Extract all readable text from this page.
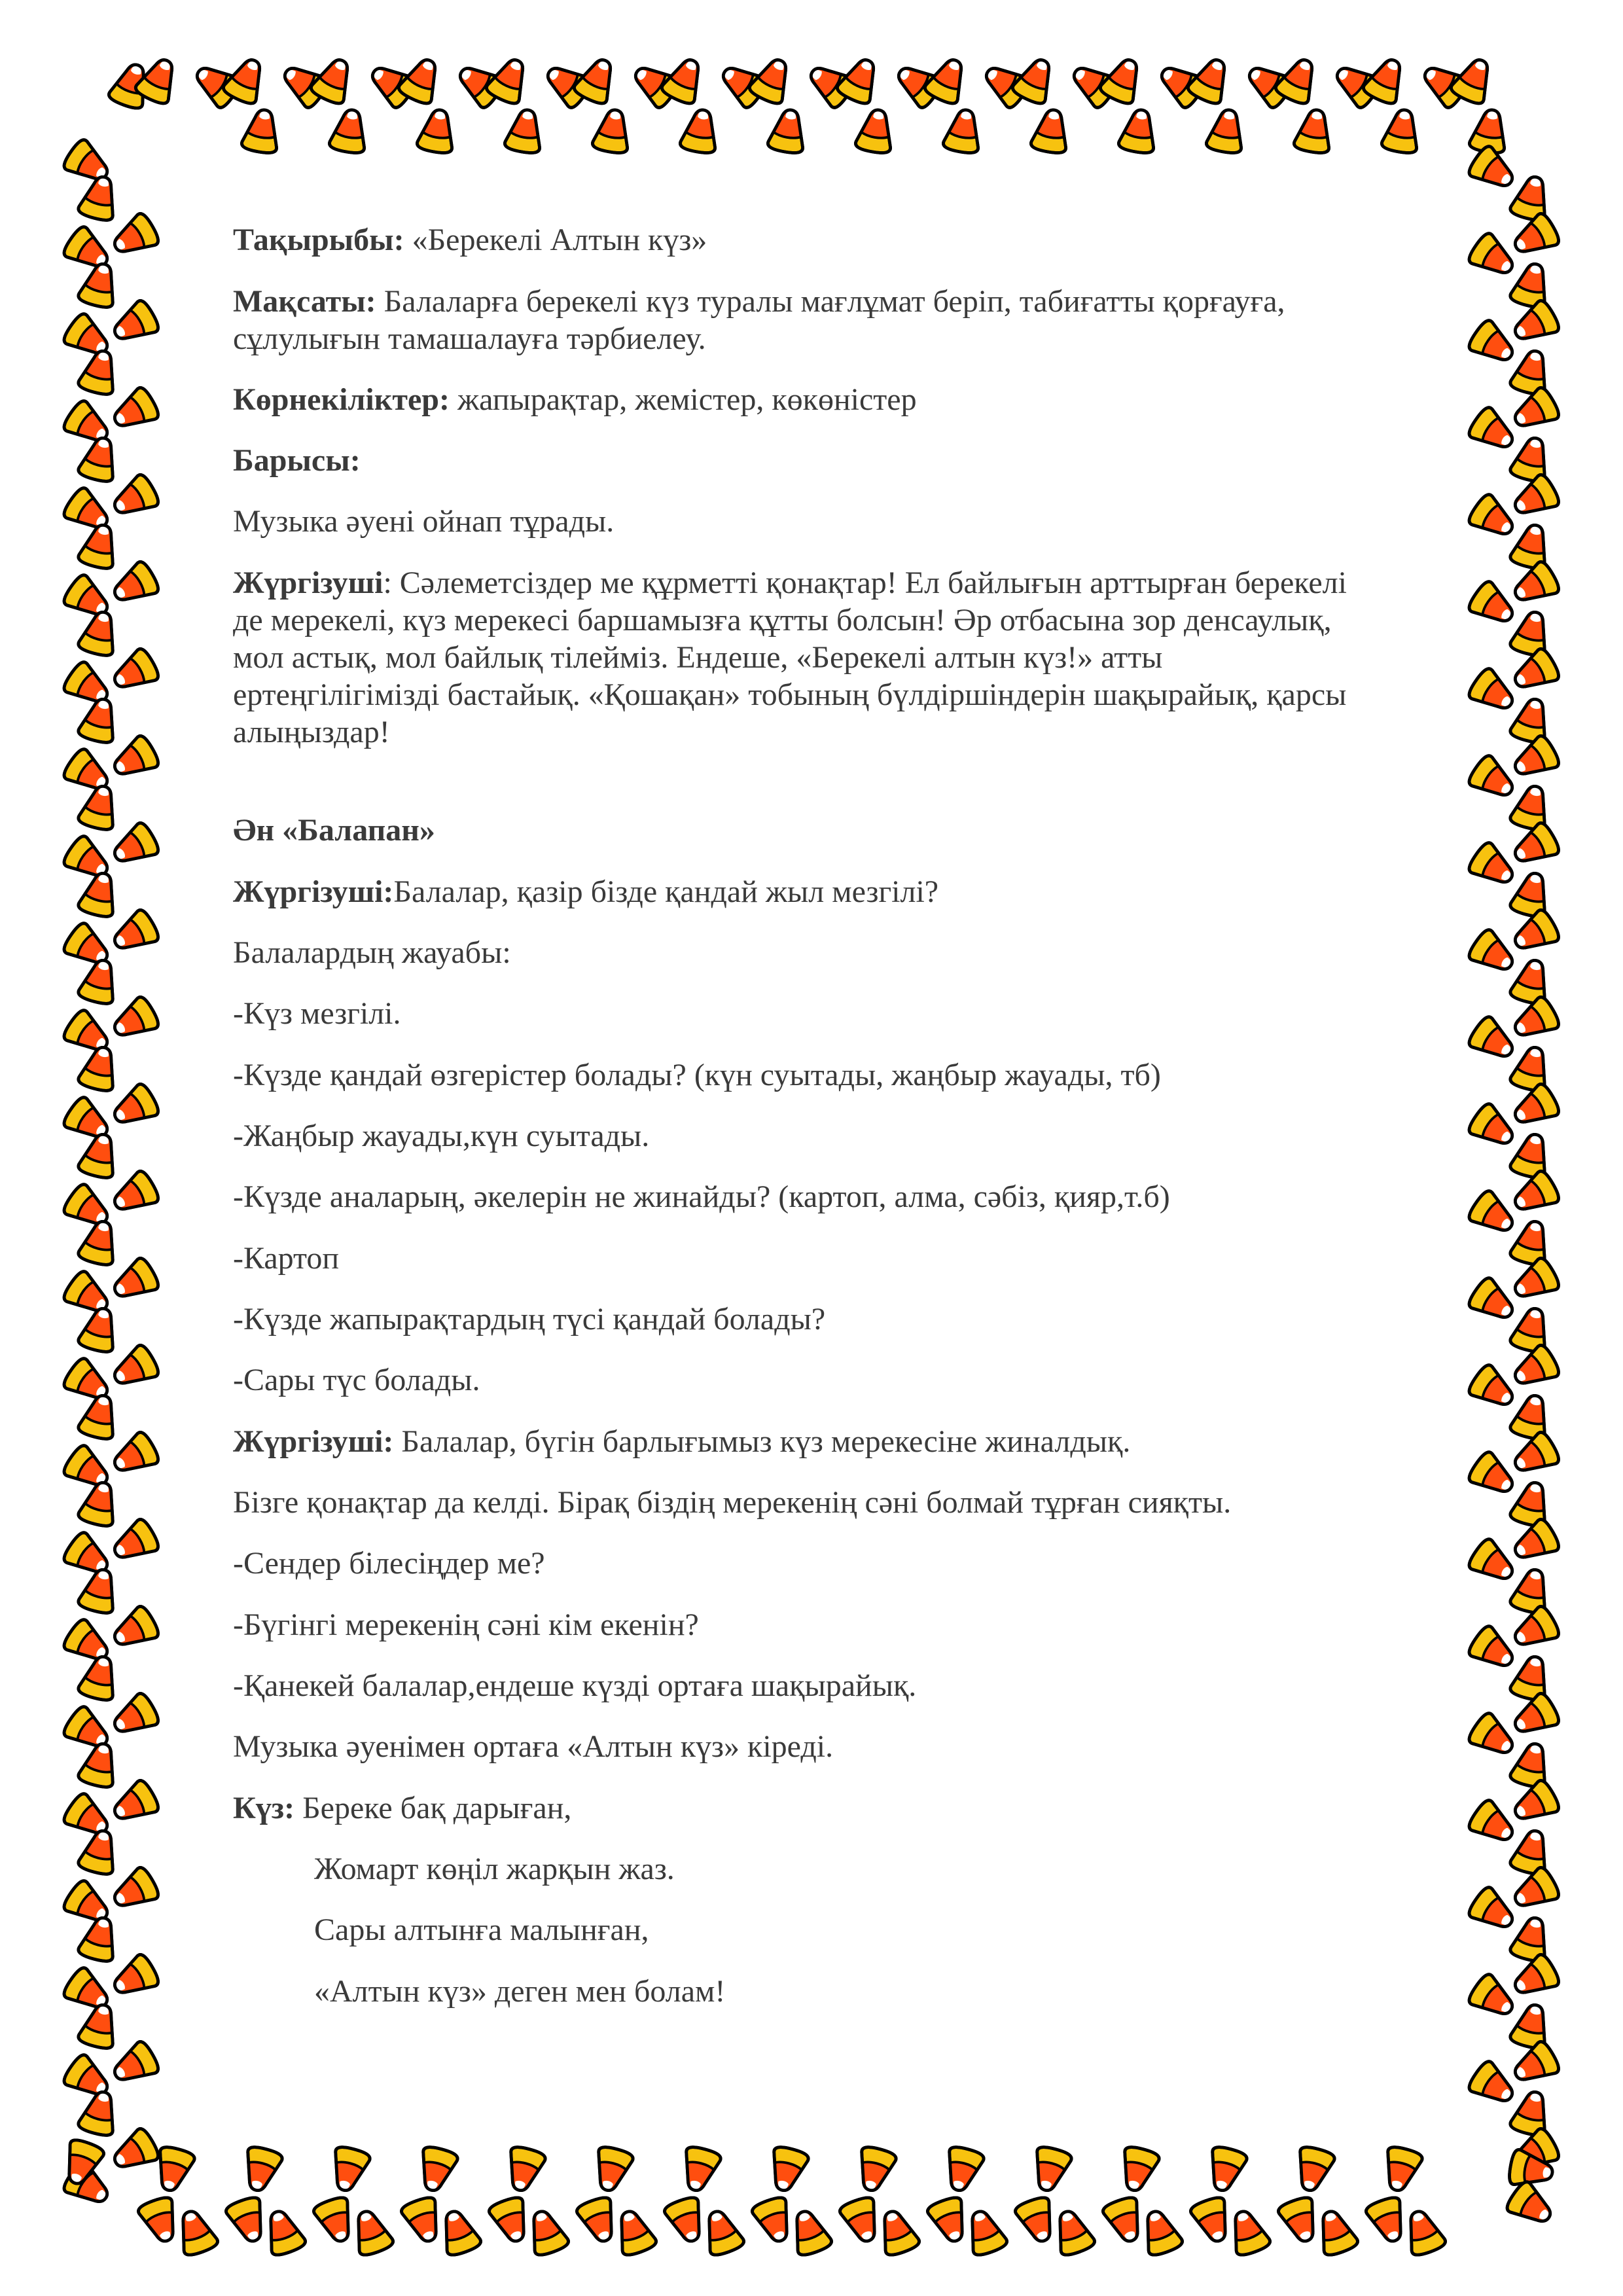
Тақырыбы: «Берекелі Алтын күз»
Мақсаты: Балаларға берекелі күз туралы мағлұмат беріп, табиғатты қорғауға,
сұлулығын тамашалауға тәрбиелеу.
Көрнекіліктер: жапырақтар, жемістер, көкөністер
Барысы:
Музыка әуені ойнап тұрады.
Жүргізуші: Сәлеметсіздер ме құрметті қонақтар! Ел байлығын арттырған берекелі
де мерекелі, күз мерекесі баршамызға құтты болсын! Әр отбасына зор денсаулық,
мол астық, мол байлық тілейміз. Ендеше, «Берекелі алтын күз!» атты
ертеңгілігімізді бастайық. «Қошақан» тобының бүлдіршіндерін шақырайық, қарсы
алыңыздар!
Ән «Балапан»
Жүргізуші:Балалар, қазір бізде қандай жыл мезгілі?
Балалардың жауабы:
-Күз мезгілі.
-Күзде қандай өзгерістер болады? (күн суытады, жаңбыр жауады, тб)
-Жаңбыр жауады,күн суытады.
-Күзде аналарың, әкелерін не жинайды? (картоп, алма, сәбіз, қияр,т.б)
-Картоп
-Күзде жапырақтардың түсі қандай болады?
-Сары түс болады.
Жүргізуші: Балалар, бүгін барлығымыз күз мерекесіне жиналдық.
Бізге қонақтар да келді. Бірақ біздің мерекенің сәні болмай тұрған сияқты.
-Сендер білесіңдер ме?
-Бүгінгі мерекенің сәні кім екенін?
-Қанекей балалар,ендеше күзді ортаға шақырайық.
Музыка әуенімен ортаға «Алтын күз» кіреді.
Күз: Береке бақ дарыған,
Жомарт көңіл жарқын жаз.
Сары алтынға малынған,
«Алтын күз» деген мен болам!
